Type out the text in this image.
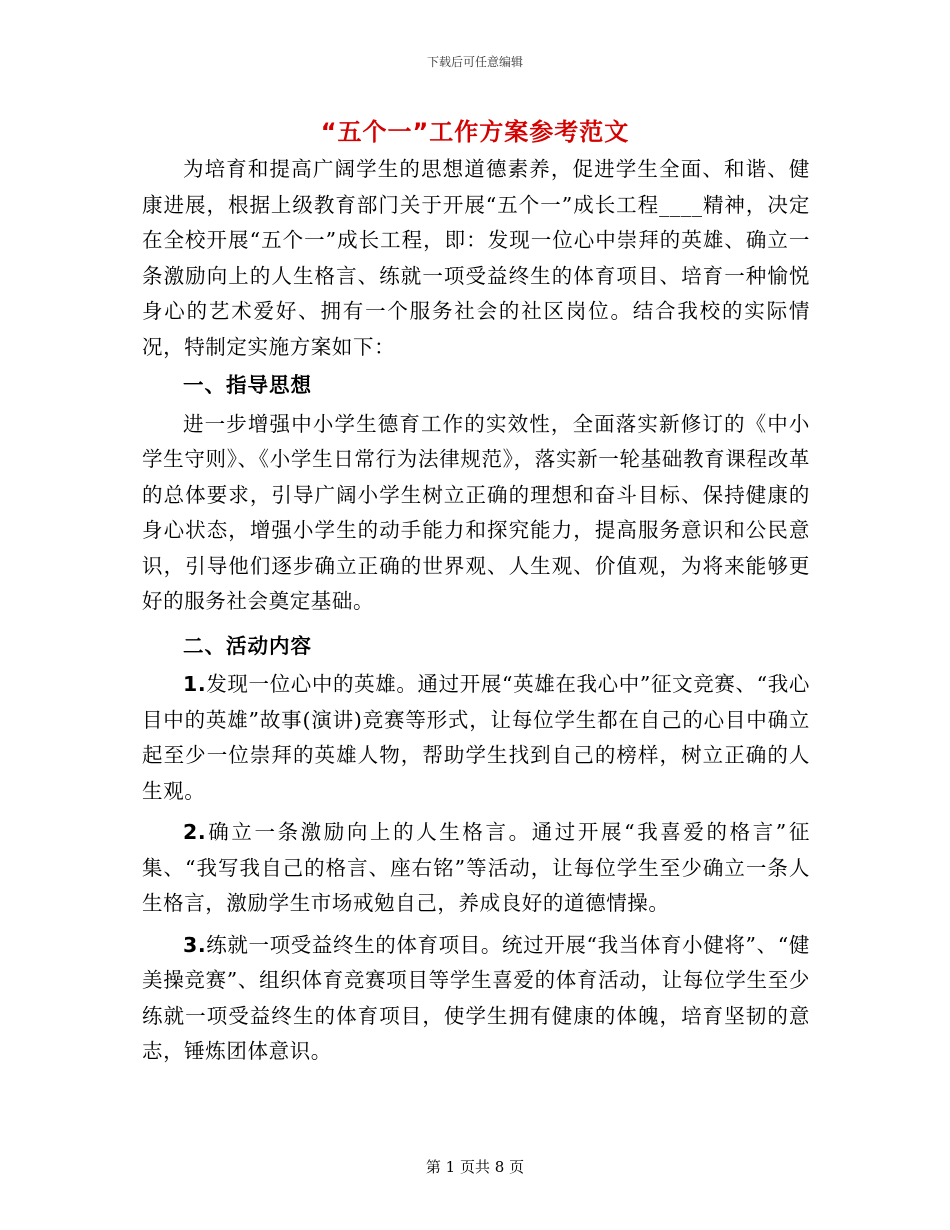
下载后可任意编辑
“五个一”工作方案参考范文

为培育和提高广阔学生的思想道德素养，促进学生全面、和谐、健康进展，根据上级教育部门关于开展“五个一”成长工程____精神，决定在全校开展“五个一”成长工程，即：发现一位心中崇拜的英雄、确立一条激励向上的人生格言、练就一项受益终生的体育项目、培育一种愉悦身心的艺术爱好、拥有一个服务社会的社区岗位。结合我校的实际情况，特制定实施方案如下：

一、指导思想

进一步增强中小学生德育工作的实效性，全面落实新修订的《中小学生守则》、《小学生日常行为法律规范》，落实新一轮基础教育课程改革的总体要求，引导广阔小学生树立正确的理想和奋斗目标、保持健康的身心状态，增强小学生的动手能力和探究能力，提高服务意识和公民意识，引导他们逐步确立正确的世界观、人生观、价值观，为将来能够更好的服务社会奠定基础。

二、活动内容

1.发现一位心中的英雄。通过开展“英雄在我心中”征文竞赛、“我心目中的英雄”故事(演讲)竞赛等形式，让每位学生都在自己的心目中确立起至少一位崇拜的英雄人物，帮助学生找到自己的榜样，树立正确的人生观。

2.确立一条激励向上的人生格言。通过开展“我喜爱的格言”征集、“我写我自己的格言、座右铭”等活动，让每位学生至少确立一条人生格言，激励学生市场戒勉自己，养成良好的道德情操。

3.练就一项受益终生的体育项目。统过开展“我当体育小健将”、“健美操竞赛”、组织体育竞赛项目等学生喜爱的体育活动，让每位学生至少练就一项受益终生的体育项目，使学生拥有健康的体魄，培育坚韧的意志，锤炼团体意识。

第 1 页共 8 页
